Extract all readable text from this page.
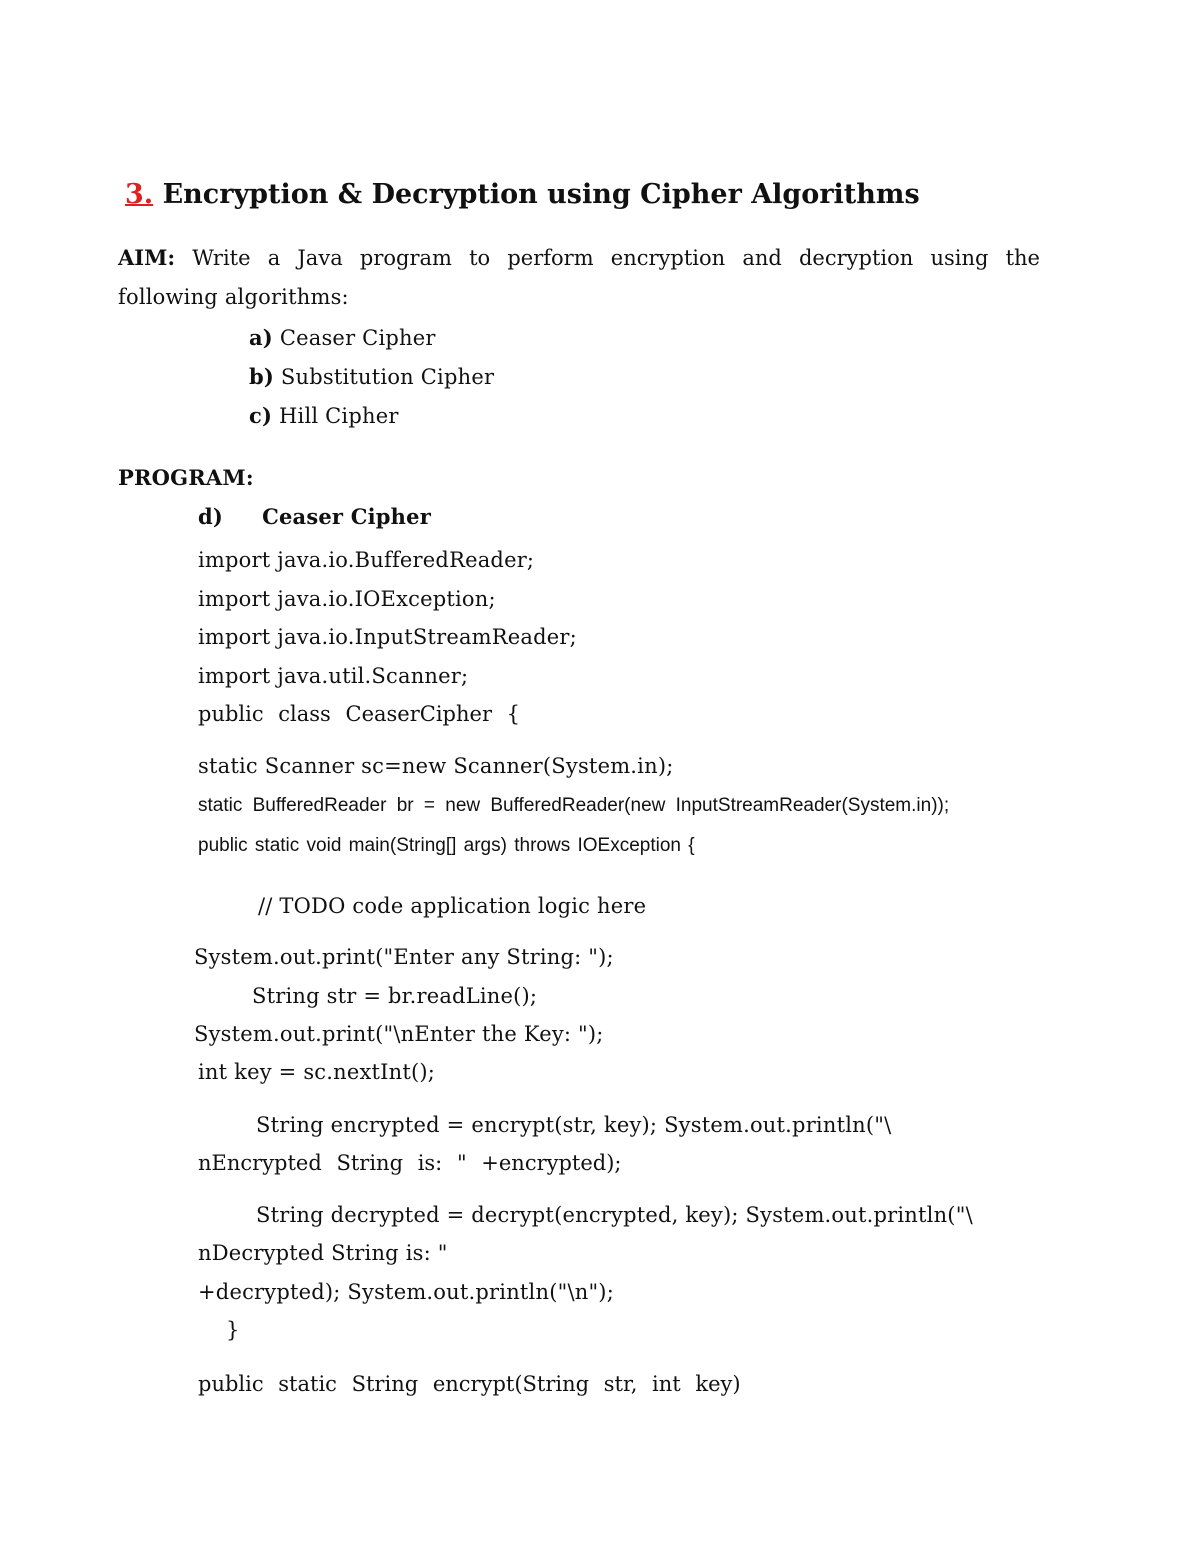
3. Encryption & Decryption using Cipher Algorithms
AIM: Write a Java program to perform encryption and decryption using the
following algorithms:
a) Ceaser Cipher
b) Substitution Cipher
c) Hill Cipher
PROGRAM:
d) Ceaser Cipher
import java.io.BufferedReader;
import java.io.IOException;
import java.io.InputStreamReader;
import java.util.Scanner;
public class CeaserCipher {
static Scanner sc=new Scanner(System.in);
static BufferedReader br = new BufferedReader(new InputStreamReader(System.in));
public static void main(String[] args) throws IOException {
// TODO code application logic here
System.out.print("Enter any String: ");
String str = br.readLine();
System.out.print("\nEnter the Key: ");
int key = sc.nextInt();
String encrypted = encrypt(str, key); System.out.println("\
nEncrypted String is: " +encrypted);
String decrypted = decrypt(encrypted, key); System.out.println("\
nDecrypted String is: "
+decrypted); System.out.println("\n");
}
public static String encrypt(String str, int key)
